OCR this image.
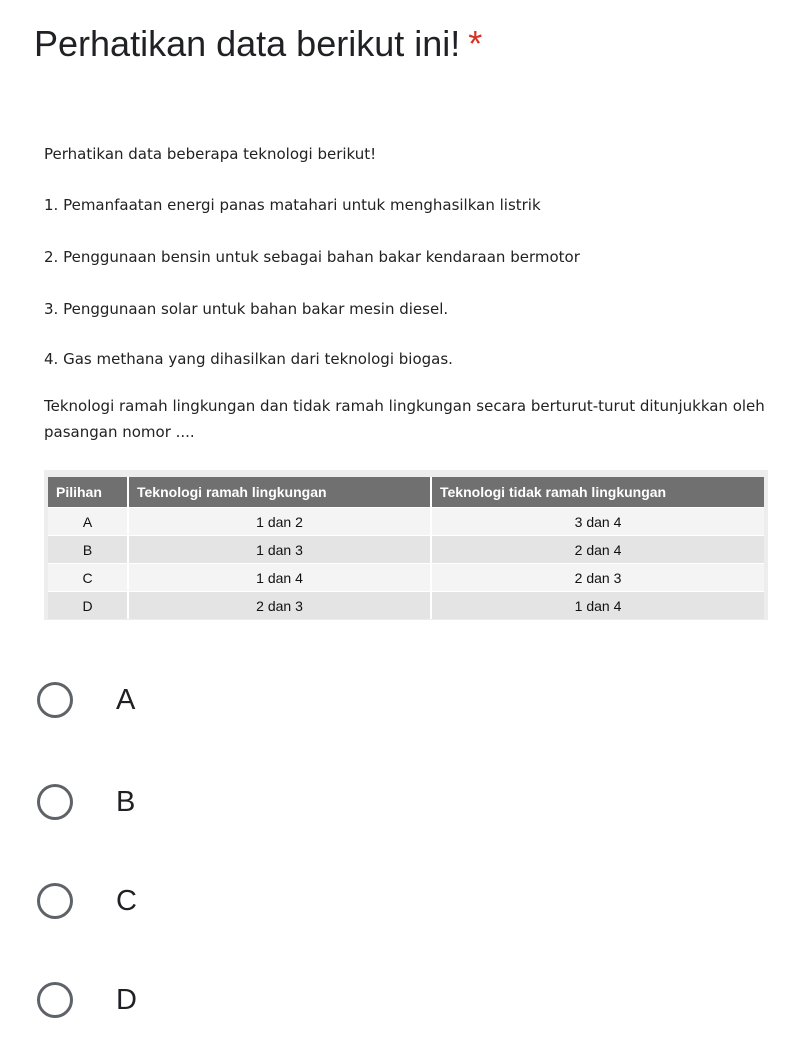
Perhatikan data berikut ini! *

Perhatikan data beberapa teknologi berikut!

1. Pemanfaatan energi panas matahari untuk menghasilkan listrik

2. Penggunaan bensin untuk sebagai bahan bakar kendaraan bermotor

3. Penggunaan solar untuk bahan bakar mesin diesel.

4. Gas methana yang dihasilkan dari teknologi biogas.

Teknologi ramah lingkungan dan tidak ramah lingkungan secara berturut-turut ditunjukkan oleh pasangan nomor ....

Pilihan	Teknologi ramah lingkungan	Teknologi tidak ramah lingkungan
A	1 dan 2	3 dan 4
B	1 dan 3	2 dan 4
C	1 dan 4	2 dan 3
D	2 dan 3	1 dan 4
A
B
C
D
